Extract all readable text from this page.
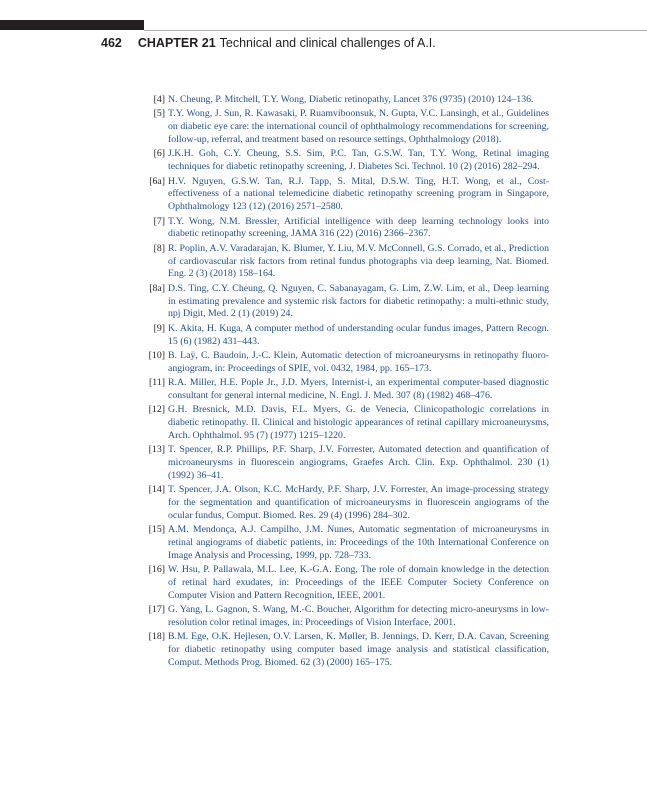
462 CHAPTER 21 Technical and clinical challenges of A.I.
[4] N. Cheung, P. Mitchell, T.Y. Wong, Diabetic retinopathy, Lancet 376 (9735) (2010) 124–136.
[5] T.Y. Wong, J. Sun, R. Kawasaki, P. Ruamviboonsuk, N. Gupta, V.C. Lansingh, et al., Guidelines on diabetic eye care: the international council of ophthalmology recommendations for screening, follow-up, referral, and treatment based on resource settings, Ophthalmology (2018).
[6] J.K.H. Goh, C.Y. Cheung, S.S. Sim, P.C. Tan, G.S.W. Tan, T.Y. Wong, Retinal imaging techniques for diabetic retinopathy screening, J. Diabetes Sci. Technol. 10 (2) (2016) 282–294.
[6a] H.V. Nguyen, G.S.W. Tan, R.J. Tapp, S. Mital, D.S.W. Ting, H.T. Wong, et al., Cost-effectiveness of a national telemedicine diabetic retinopathy screening program in Singapore, Ophthalmology 123 (12) (2016) 2571–2580.
[7] T.Y. Wong, N.M. Bressler, Artificial intelligence with deep learning technology looks into diabetic retinopathy screening, JAMA 316 (22) (2016) 2366–2367.
[8] R. Poplin, A.V. Varadarajan, K. Blumer, Y. Liu, M.V. McConnell, G.S. Corrado, et al., Prediction of cardiovascular risk factors from retinal fundus photographs via deep learning, Nat. Biomed. Eng. 2 (3) (2018) 158–164.
[8a] D.S. Ting, C.Y. Cheung, Q. Nguyen, C. Sabanayagam, G. Lim, Z.W. Lim, et al., Deep learning in estimating prevalence and systemic risk factors for diabetic retinopathy: a multi-ethnic study, npj Digit, Med. 2 (1) (2019) 24.
[9] K. Akita, H. Kuga, A computer method of understanding ocular fundus images, Pattern Recogn. 15 (6) (1982) 431–443.
[10] B. Laÿ, C. Baudoin, J.-C. Klein, Automatic detection of microaneurysms in retinopathy fluoro-angiogram, in: Proceedings of SPIE, vol. 0432, 1984, pp. 165–173.
[11] R.A. Miller, H.E. Pople Jr., J.D. Myers, Internist-i, an experimental computer-based diagnostic consultant for general internal medicine, N. Engl. J. Med. 307 (8) (1982) 468–476.
[12] G.H. Bresnick, M.D. Davis, F.L. Myers, G. de Venecia, Clinicopathologic correlations in diabetic retinopathy. II. Clinical and histologic appearances of retinal capillary microaneurysms, Arch. Ophthalmol. 95 (7) (1977) 1215–1220.
[13] T. Spencer, R.P. Phillips, P.F. Sharp, J.V. Forrester, Automated detection and quantification of microaneurysms in fluorescein angiograms, Graefes Arch. Clin. Exp. Ophthalmol. 230 (1) (1992) 36–41.
[14] T. Spencer, J.A. Olson, K.C. McHardy, P.F. Sharp, J.V. Forrester, An image-processing strategy for the segmentation and quantification of microaneurysms in fluorescein angiograms of the ocular fundus, Comput. Biomed. Res. 29 (4) (1996) 284–302.
[15] A.M. Mendonça, A.J. Campilho, J.M. Nunes, Automatic segmentation of microaneurysms in retinal angiograms of diabetic patients, in: Proceedings of the 10th International Conference on Image Analysis and Processing, 1999, pp. 728–733.
[16] W. Hsu, P. Pallawala, M.L. Lee, K.-G.A. Eong, The role of domain knowledge in the detection of retinal hard exudates, in: Proceedings of the IEEE Computer Society Conference on Computer Vision and Pattern Recognition, IEEE, 2001.
[17] G. Yang, L. Gagnon, S. Wang, M.-C. Boucher, Algorithm for detecting micro-aneurysms in low-resolution color retinal images, in: Proceedings of Vision Interface, 2001.
[18] B.M. Ege, O.K. Hejlesen, O.V. Larsen, K. Møller, B. Jennings, D. Kerr, D.A. Cavan, Screening for diabetic retinopathy using computer based image analysis and statistical classification, Comput. Methods Prog. Biomed. 62 (3) (2000) 165–175.
